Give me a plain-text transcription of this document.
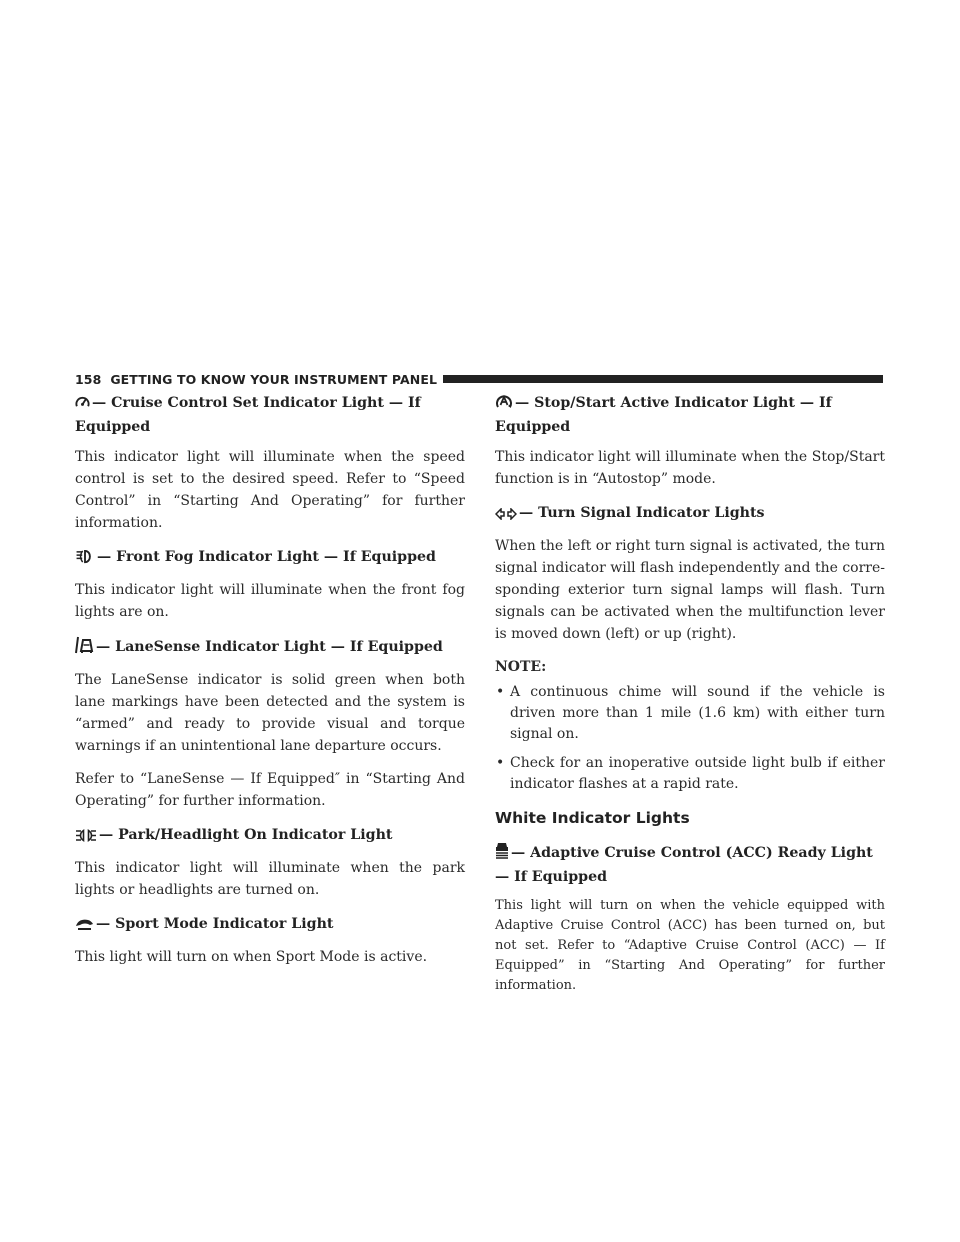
158 GETTING TO KNOW YOUR INSTRUMENT PANEL
— Cruise Control Set Indicator Light — If Equipped

This indicator light will illuminate when the speed control is set to the desired speed. Refer to “Speed Control” in “Starting And Operating” for further information.

— Front Fog Indicator Light — If Equipped

This indicator light will illuminate when the front fog lights are on.

— LaneSense Indicator Light — If Equipped

The LaneSense indicator is solid green when both lane markings have been detected and the system is “armed” and ready to provide visual and torque warnings if an unintentional lane departure occurs.

Refer to “LaneSense — If Equipped″ in “Starting And Operating” for further information.

— Park/Headlight On Indicator Light

This indicator light will illuminate when the park lights or headlights are turned on.

— Sport Mode Indicator Light

This light will turn on when Sport Mode is active.

— Stop/Start Active Indicator Light — If Equipped

This indicator light will illuminate when the Stop/Start function is in “Autostop” mode.

— Turn Signal Indicator Lights

When the left or right turn signal is activated, the turn signal indicator will flash independently and the corre- sponding exterior turn signal lamps will flash. Turn signals can be activated when the multifunction lever is moved down (left) or up (right).

NOTE:
• A continuous chime will sound if the vehicle is driven more than 1 mile (1.6 km) with either turn signal on.
• Check for an inoperative outside light bulb if either indicator flashes at a rapid rate.
White Indicator Lights
— Adaptive Cruise Control (ACC) Ready Light — If Equipped

This light will turn on when the vehicle equipped with Adaptive Cruise Control (ACC) has been turned on, but not set. Refer to “Adaptive Cruise Control (ACC) — If Equipped” in “Starting And Operating” for further information.
